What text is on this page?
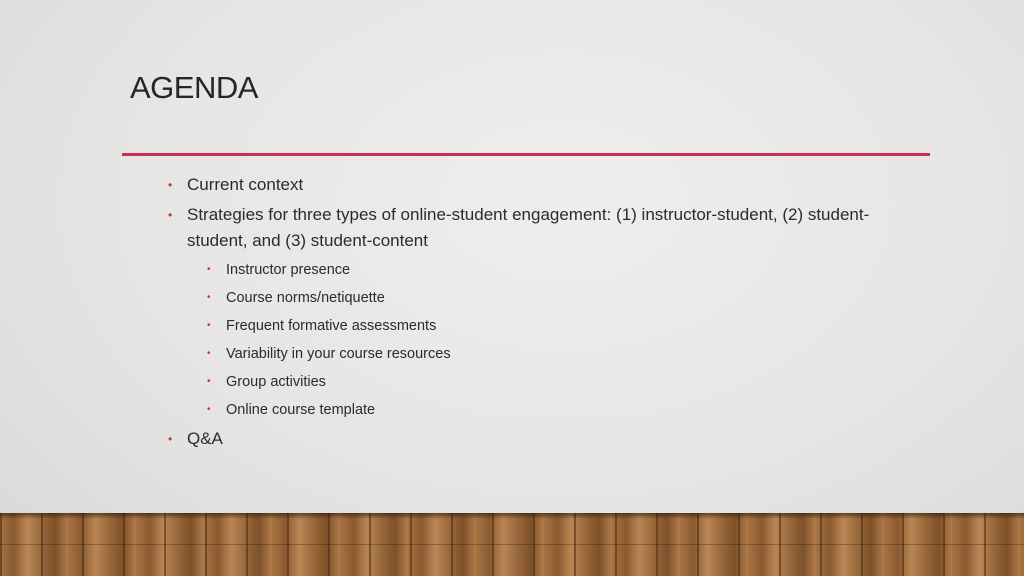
AGENDA
• Current context
• Strategies for three types of online-student engagement: (1) instructor-student, (2) student-student, and (3) student-content
• Instructor presence
• Course norms/netiquette
• Frequent formative assessments
• Variability in your course resources
• Group activities
• Online course template
• Q&A
